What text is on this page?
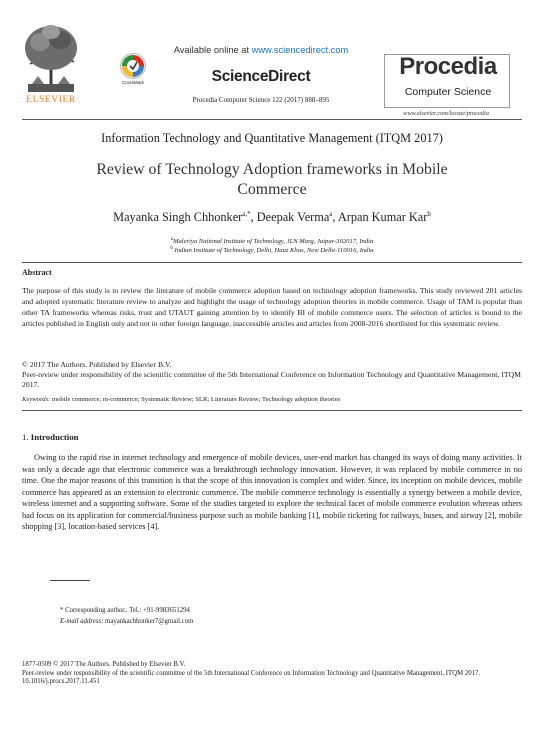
ELSEVIER
CrossMark
Available online at www.sciencedirect.com
ScienceDirect
Procedia Computer Science 122 (2017) 888–895
Procedia
Computer Science
www.elsevier.com/locate/procedia
Information Technology and Quantitative Management (ITQM 2017)
Review of Technology Adoption frameworks in Mobile Commerce
Mayanka Singh Chhonker$^{a,*}$, Deepak Verma$^a$, Arpan Kumar Kar$^b$
$^a$Maleriya National Institute of Technology, JLN Marg, Jaipur-302017, India
$^b$ Indian Institute of Technology, Delhi, Hauz Khas, New Delhi-110016, India
Abstract
The purpose of this study is to review the literature of mobile commerce adoption based on technology adoption frameworks. This study reviewed 201 articles and adopted systematic literature review to analyze and highlight the usage of technology adoption theories in mobile commerce. Usage of TAM is popular than other TA frameworks whereas risks, trust and UTAUT gaining attention by to identify BI of mobile commerce users. The selection of articles is bound to the articles published in English only and not in other foreign language, inaccessible articles and articles from 2008-2016 shortlisted for this systematic review.
© 2017 The Authors. Published by Elsevier B.V.
Peer-review under responsibility of the scientific committee of the 5th International Conference on Information Technology and Quantitative Management, ITQM 2017.
Keywords: mobile commerce; m-commerce; Systematic Review; SLR; Literature Review; Technology adoption theories
1. Introduction
Owing to the rapid rise in internet technology and emergence of mobile devices, user-end market has changed its ways of doing many activities. It was only a decade ago that electronic commerce was a breakthrough technology innovation. However, it was replaced by mobile commerce in no time. One the major reasons of this transition is that the scope of this innovation is complex and wider. Since, its inception on mobile devices, mobile commerce has appeared as an extension to electronic commerce. The mobile commerce technology is essentially a synergy between a mobile device, wireless internet and a supporting software. Some of the studies targeted to explore the technical facet of mobile commerce evolution whereas others had focus on its application for commercial/business purpose such as mobile banking [1], mobile ticketing for railways, buses, and airway [2], mobile shopping [3], location-based services [4].
* Corresponding author.. Tel.: +91-9983651294
E-mail address: mayankachhonker7@gmail.com
1877-0509 © 2017 The Authors. Published by Elsevier B.V.
Peer-review under responsibility of the scientific committee of the 5th International Conference on Information Technology and Quantitative Management, ITQM 2017.
10.1016/j.procs.2017.11.451
